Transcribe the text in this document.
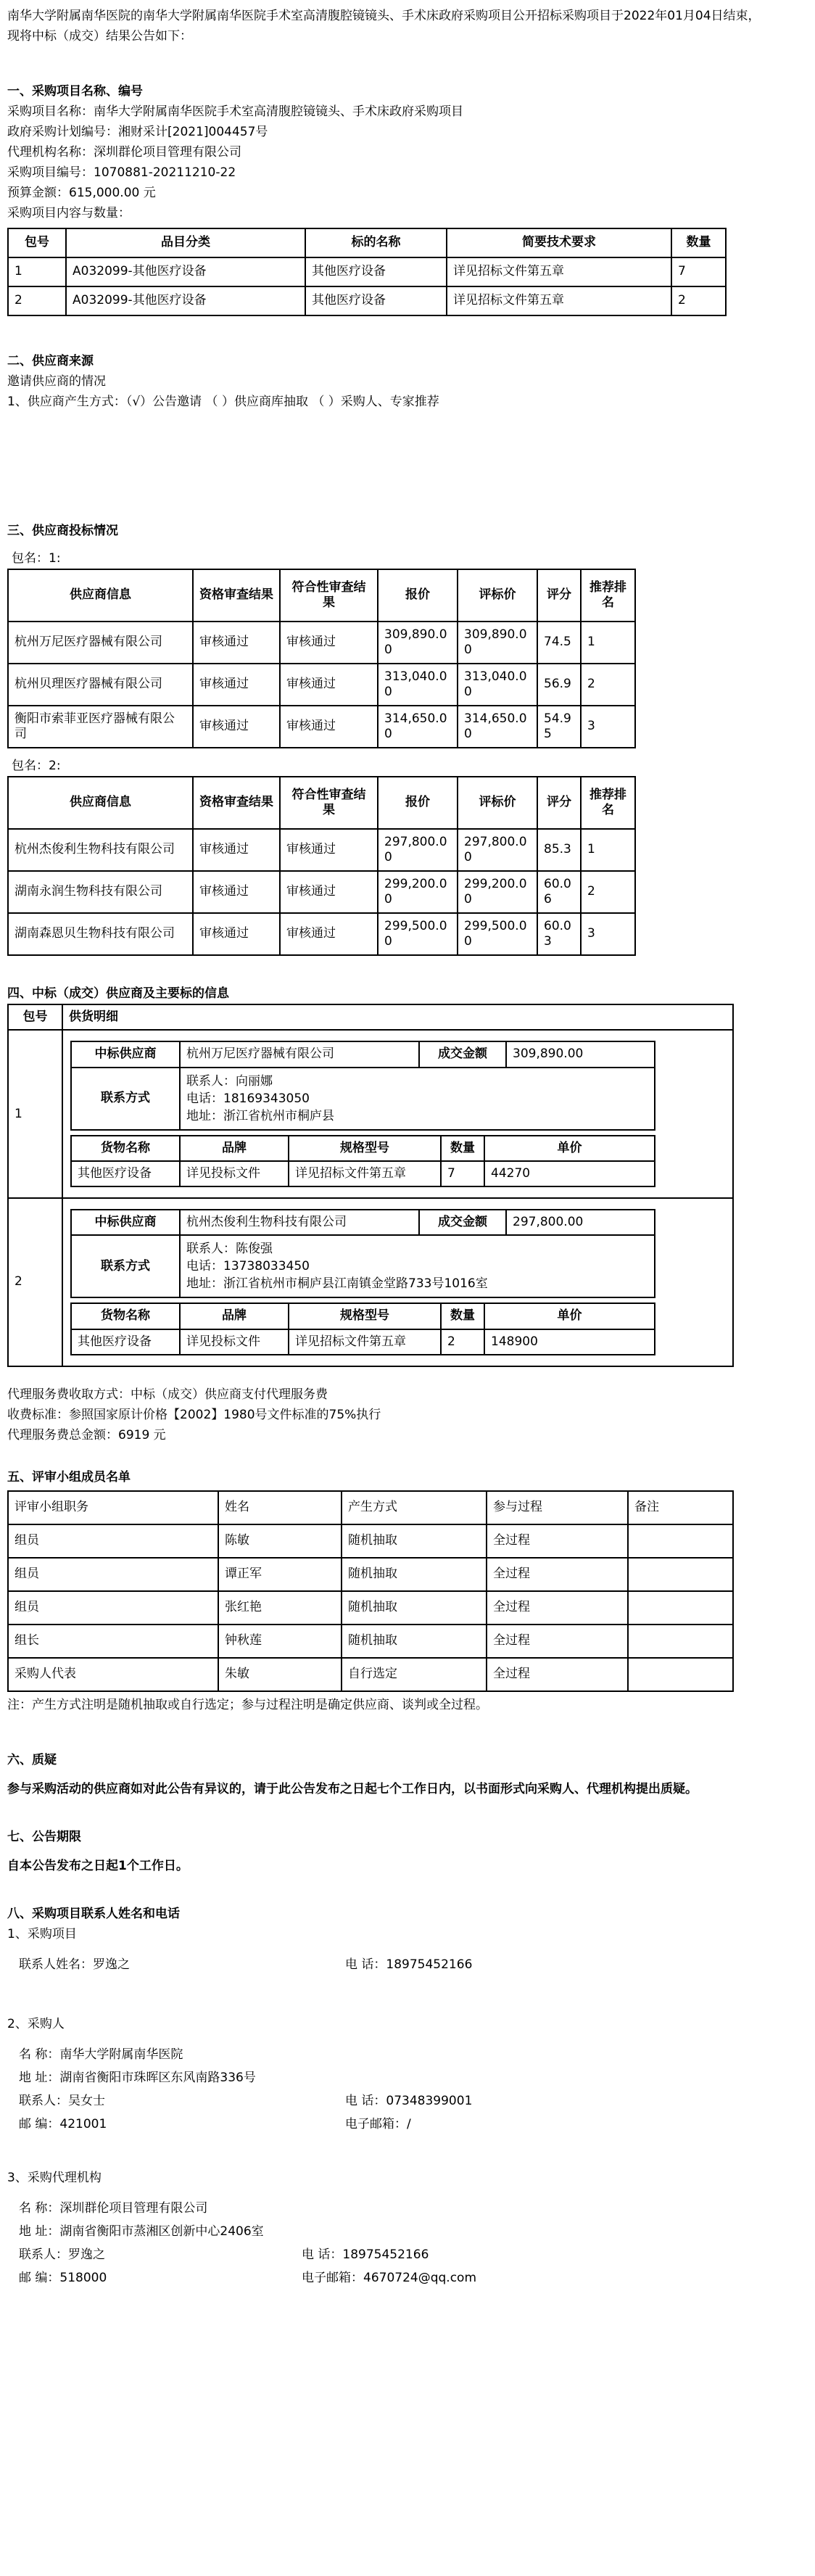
南华大学附属南华医院的南华大学附属南华医院手术室高清腹腔镜镜头、手术床政府采购项目公开招标采购项目于2022年01月04日结束，

现将中标（成交）结果公告如下：

一、采购项目名称、编号

采购项目名称：南华大学附属南华医院手术室高清腹腔镜镜头、手术床政府采购项目

政府采购计划编号：湘财采计[2021]004457号

代理机构名称：深圳群伦项目管理有限公司

采购项目编号：1070881-20211210-22

预算金额：615,000.00 元

采购项目内容与数量：

包号	品目分类	标的名称	简要技术要求	数量
1	A032099-其他医疗设备	其他医疗设备	详见招标文件第五章	7
2	A032099-其他医疗设备	其他医疗设备	详见招标文件第五章	2

二、供应商来源

邀请供应商的情况

1、供应商产生方式：（√）公告邀请 （ ）供应商库抽取 （ ）采购人、专家推荐

三、供应商投标情况

包名：1:

供应商信息	资格审查结果	符合性审查结果	报价	评标价	评分	推荐排名
杭州万尼医疗器械有限公司	审核通过	审核通过	309,890.00	309,890.00	74.5	1
杭州贝理医疗器械有限公司	审核通过	审核通过	313,040.00	313,040.00	56.9	2
衡阳市索菲亚医疗器械有限公司	审核通过	审核通过	314,650.00	314,650.00	54.95	3

包名：2:

供应商信息	资格审查结果	符合性审查结果	报价	评标价	评分	推荐排名
杭州杰俊利生物科技有限公司	审核通过	审核通过	297,800.00	297,800.00	85.3	1
湖南永润生物科技有限公司	审核通过	审核通过	299,200.00	299,200.00	60.06	2
湖南森恩贝生物科技有限公司	审核通过	审核通过	299,500.00	299,500.00	60.03	3

四、中标（成交）供应商及主要标的信息

包号	供货明细
1	
中标供应商	杭州万尼医疗器械有限公司	成交金额	309,890.00
联系方式	
联系人：向丽娜
电话：18169343050
地址：浙江省杭州市桐庐县
货物名称	品牌	规格型号	数量	单价
其他医疗设备	详见投标文件	详见招标文件第五章	7	44270

2	
中标供应商	杭州杰俊利生物科技有限公司	成交金额	297,800.00
联系方式	
联系人：陈俊强
电话：13738033450
地址：浙江省杭州市桐庐县江南镇金堂路733号1016室
货物名称	品牌	规格型号	数量	单价
其他医疗设备	详见投标文件	详见招标文件第五章	2	148900

代理服务费收取方式：中标（成交）供应商支付代理服务费

收费标准：参照国家原计价格【2002】1980号文件标准的75%执行

代理服务费总金额：6919 元

五、评审小组成员名单

评审小组职务	姓名	产生方式	参与过程	备注
组员	陈敏	随机抽取	全过程	
组员	谭正军	随机抽取	全过程	
组员	张红艳	随机抽取	全过程	
组长	钟秋莲	随机抽取	全过程	
采购人代表	朱敏	自行选定	全过程	

注：产生方式注明是随机抽取或自行选定；参与过程注明是确定供应商、谈判或全过程。

六、质疑

参与采购活动的供应商如对此公告有异议的，请于此公告发布之日起七个工作日内，以书面形式向采购人、代理机构提出质疑。

七、公告期限

自本公告发布之日起1个工作日。

八、采购项目联系人姓名和电话

1、采购项目

联系人姓名：罗逸之	电 话：18975452166

2、采购人

名 称：南华大学附属南华医院
地 址：湖南省衡阳市珠晖区东风南路336号
联系人：吴女士	电 话：07348399001
邮 编：421001	电子邮箱：/

3、采购代理机构

名 称：深圳群伦项目管理有限公司
地 址：湖南省衡阳市蒸湘区创新中心2406室
联系人：罗逸之	电 话：18975452166
邮 编：518000	电子邮箱：4670724@qq.com
